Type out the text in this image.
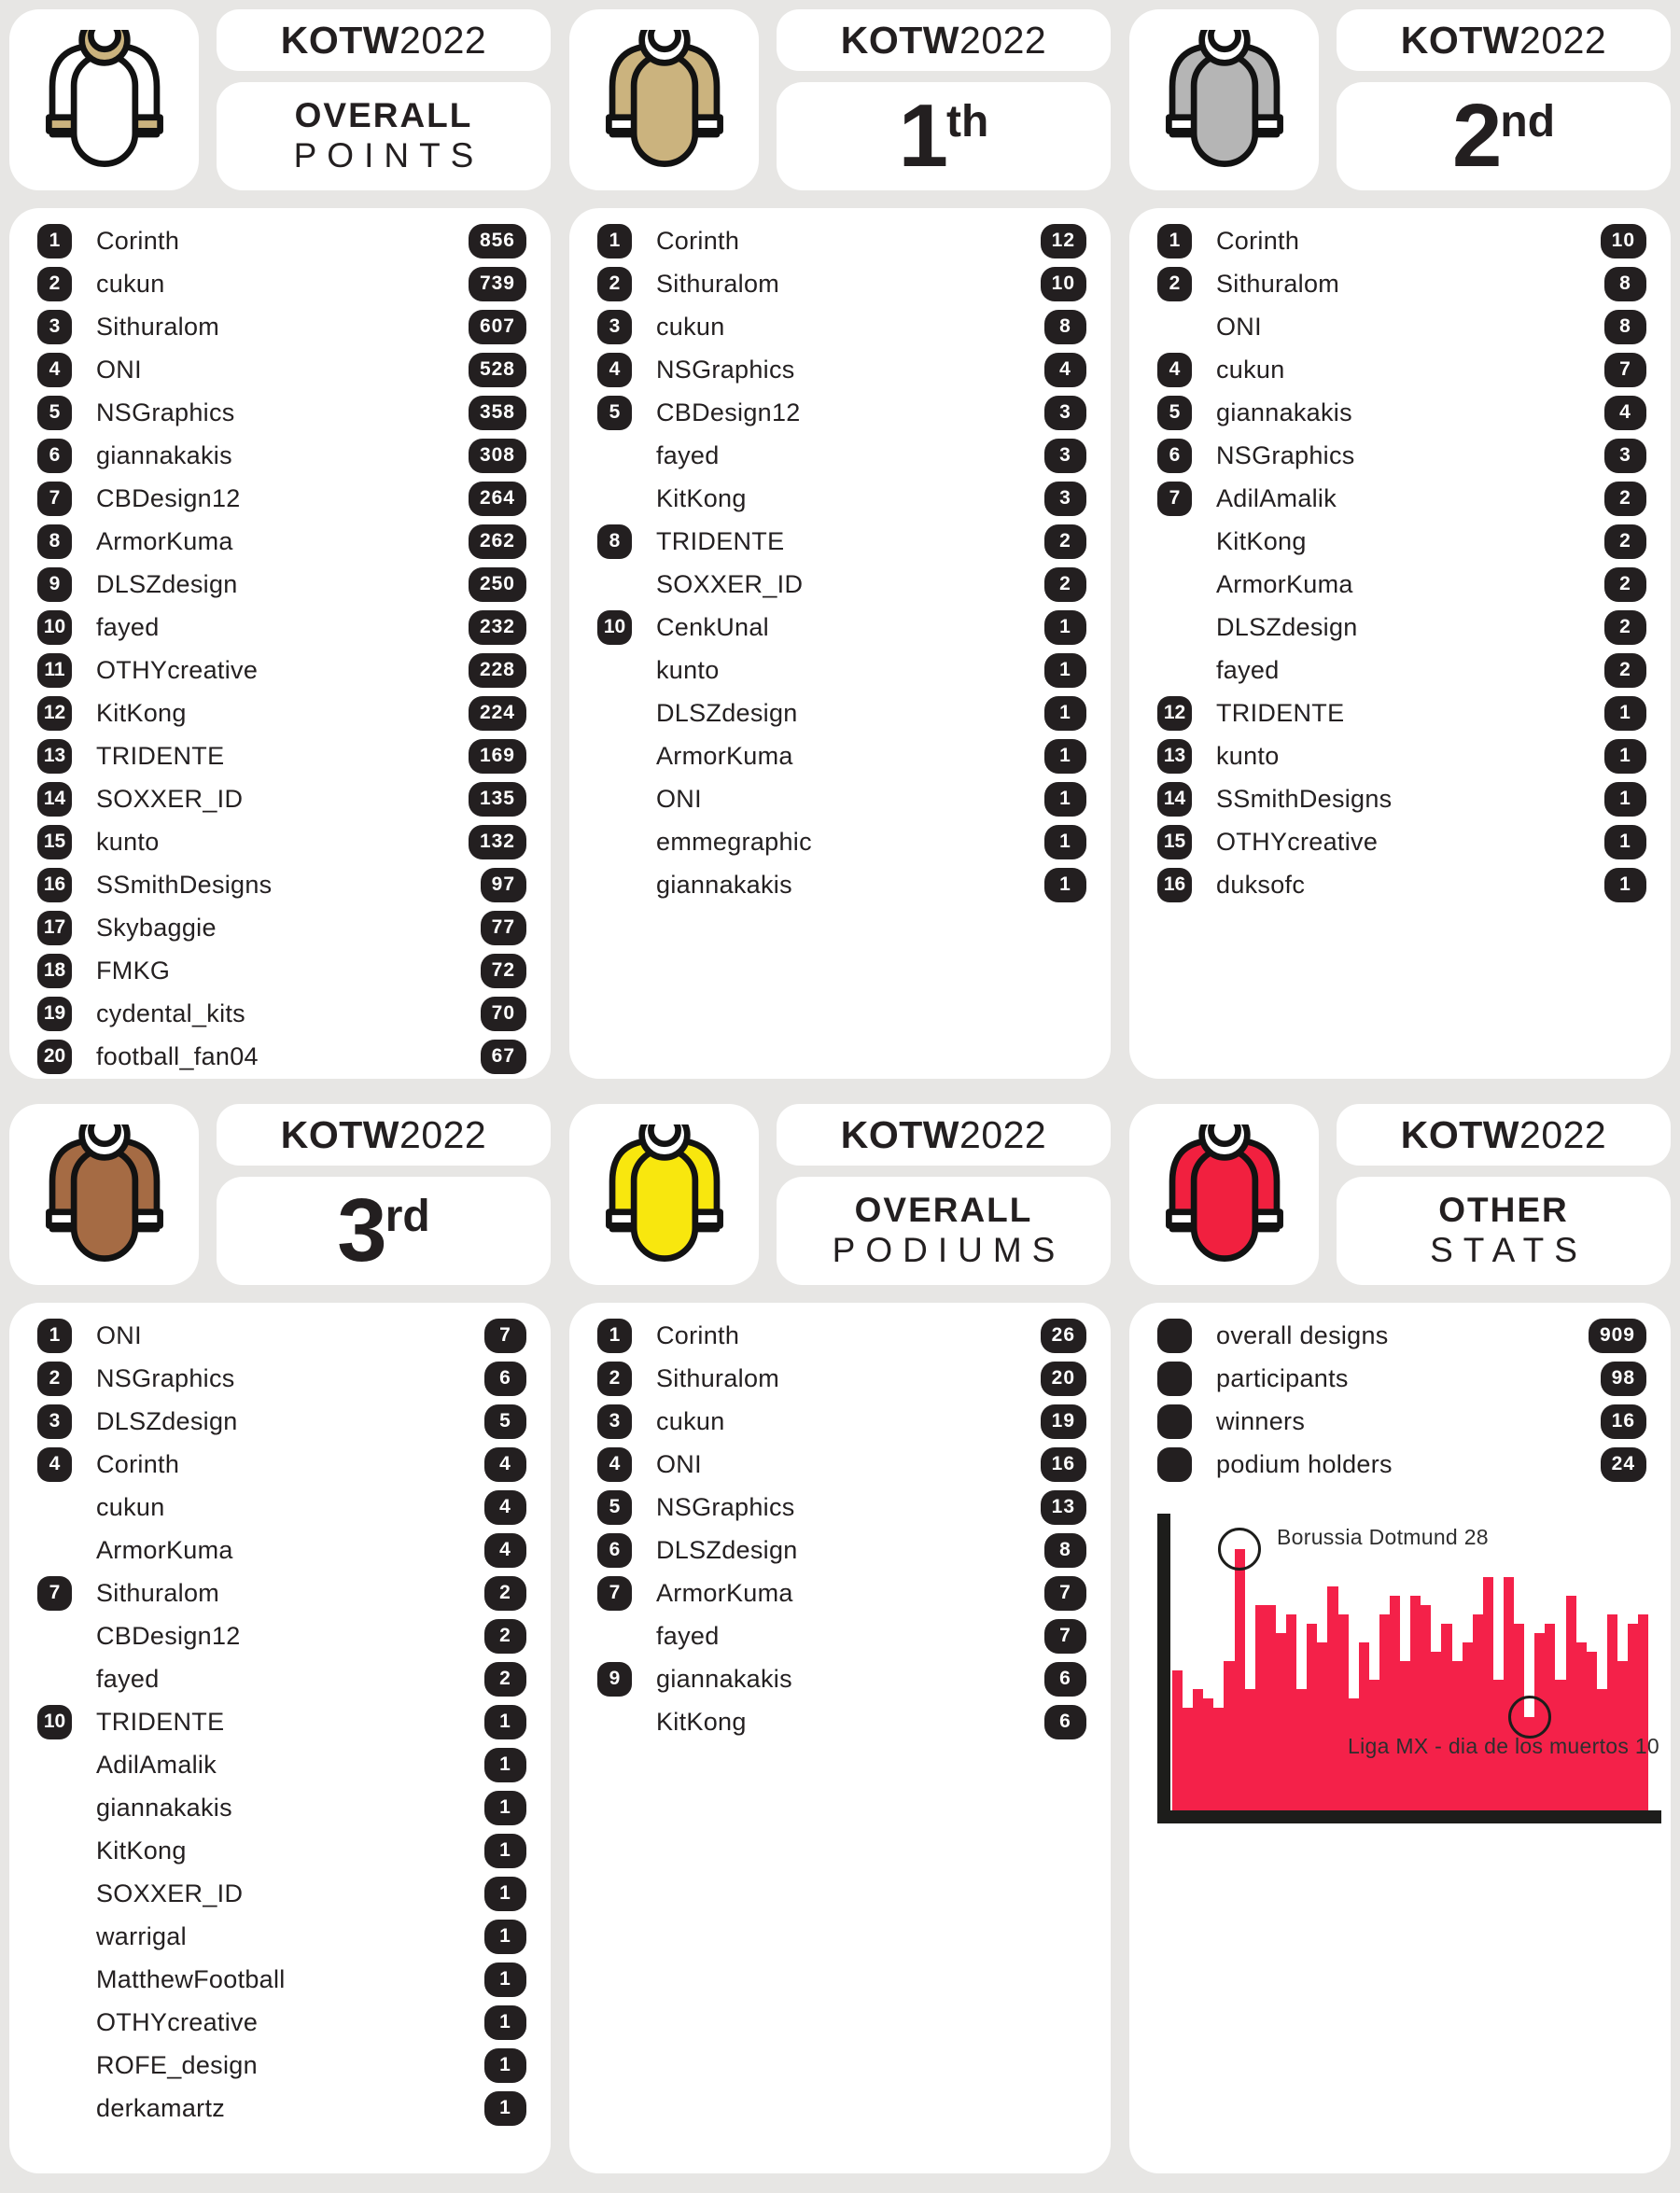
KOTW 2022
OVERALL
POINTS
1	Corinth	856
2	cukun	739
3	Sithuralom	607
4	ONI	528
5	NSGraphics	358
6	giannakakis	308
7	CBDesign12	264
8	ArmorKuma	262
9	DLSZdesign	250
10 fayed	232
11 OTHYcreative	228
12 KitKong	224
13 TRIDENTE	169
14 SOXXER_ID	135
15 kunto	132
16 SSmithDesigns	97
17 Skybaggie	77
18 FMKG	72
19 cydental_kits	70
20 football_fan04	67
KOTW 2022
1th
1	Corinth	12
2	Sithuralom	10
3	cukun	8
4	NSGraphics	4
5	CBDesign12	3
fayed	3
KitKong	3
8	TRIDENTE	2
SOXXER_ID	2
10 CenkUnal	1
kunto	1
DLSZdesign	1
ArmorKuma	1
ONI	1
emmegraphic	1
giannakakis	1
KOTW 2022
2nd
1	Corinth	10
2	Sithuralom	8
ONI	8
4	cukun	7
5	giannakakis	4
6	NSGraphics	3
7	AdilAmalik	2
KitKong	2
ArmorKuma	2
DLSZdesign	2
fayed	2
12 TRIDENTE	1
13 kunto	1
14 SSmithDesigns	1
15 OTHYcreative	1
16 duksofc	1
KOTW 2022
3rd
1	ONI	7
2	NSGraphics	6
3	DLSZdesign	5
4	Corinth	4
cukun	4
ArmorKuma	4
7	Sithuralom	2
CBDesign12	2
fayed	2
10 TRIDENTE	1
AdilAmalik	1
giannakakis	1
KitKong	1
SOXXER_ID	1
warrigal	1
MatthewFootball	1
OTHYcreative	1
ROFE_design	1
derkamartz	1
KOTW 2022
OVERALL
PODIUMS
1	Corinth	26
2	Sithuralom	20
3	cukun	19
4	ONI	16
5	NSGraphics	13
6	DLSZdesign	8
7	ArmorKuma	7
fayed	7
9	giannakakis	6
KitKong	6
KOTW 2022
OTHER
STATS
overall designs	909
participants	98
winners	16
podium holders	24
Borussia Dotmund 28
Liga MX - dia de los muertos 10
